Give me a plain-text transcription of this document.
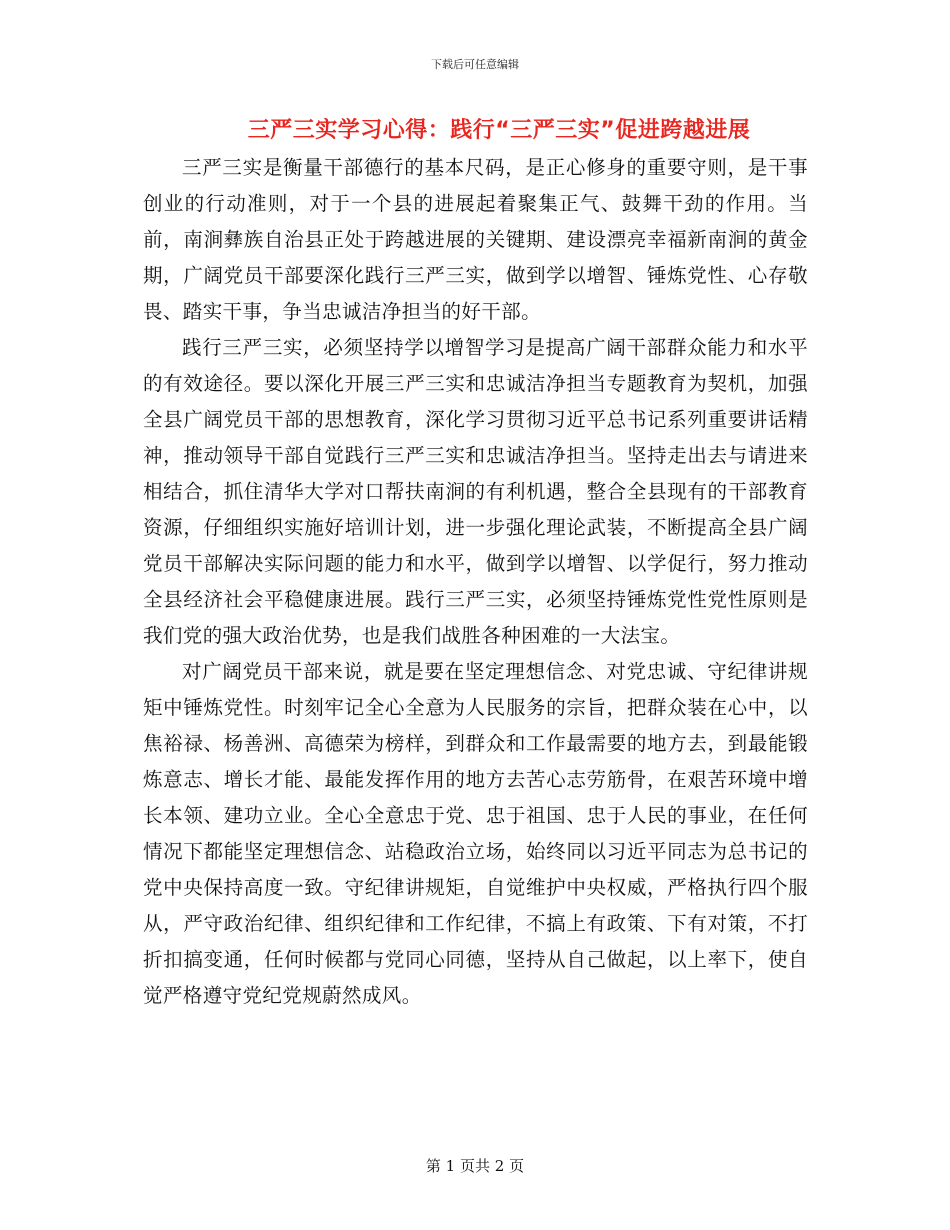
下载后可任意编辑
三严三实学习心得：践行“三严三实”促进跨越进展

三严三实是衡量干部德行的基本尺码，是正心修身的重要守则，是干事创业的行动准则，对于一个县的进展起着聚集正气、鼓舞干劲的作用。当前，南涧彝族自治县正处于跨越进展的关键期、建设漂亮幸福新南涧的黄金期，广阔党员干部要深化践行三严三实，做到学以增智、锤炼党性、心存敬畏、踏实干事，争当忠诚洁净担当的好干部。

践行三严三实，必须坚持学以增智学习是提高广阔干部群众能力和水平的有效途径。要以深化开展三严三实和忠诚洁净担当专题教育为契机，加强全县广阔党员干部的思想教育，深化学习贯彻习近平总书记系列重要讲话精神，推动领导干部自觉践行三严三实和忠诚洁净担当。坚持走出去与请进来相结合，抓住清华大学对口帮扶南涧的有利机遇，整合全县现有的干部教育资源，仔细组织实施好培训计划，进一步强化理论武装，不断提高全县广阔党员干部解决实际问题的能力和水平，做到学以增智、以学促行，努力推动全县经济社会平稳健康进展。践行三严三实，必须坚持锤炼党性党性原则是我们党的强大政治优势，也是我们战胜各种困难的一大法宝。

对广阔党员干部来说，就是要在坚定理想信念、对党忠诚、守纪律讲规矩中锤炼党性。时刻牢记全心全意为人民服务的宗旨，把群众装在心中，以焦裕禄、杨善洲、高德荣为榜样，到群众和工作最需要的地方去，到最能锻炼意志、增长才能、最能发挥作用的地方去苦心志劳筋骨，在艰苦环境中增长本领、建功立业。全心全意忠于党、忠于祖国、忠于人民的事业，在任何情况下都能坚定理想信念、站稳政治立场，始终同以习近平同志为总书记的党中央保持高度一致。守纪律讲规矩，自觉维护中央权威，严格执行四个服从，严守政治纪律、组织纪律和工作纪律，不搞上有政策、下有对策，不打折扣搞变通，任何时候都与党同心同德，坚持从自己做起，以上率下，使自觉严格遵守党纪党规蔚然成风。

第 1 页共 2 页
